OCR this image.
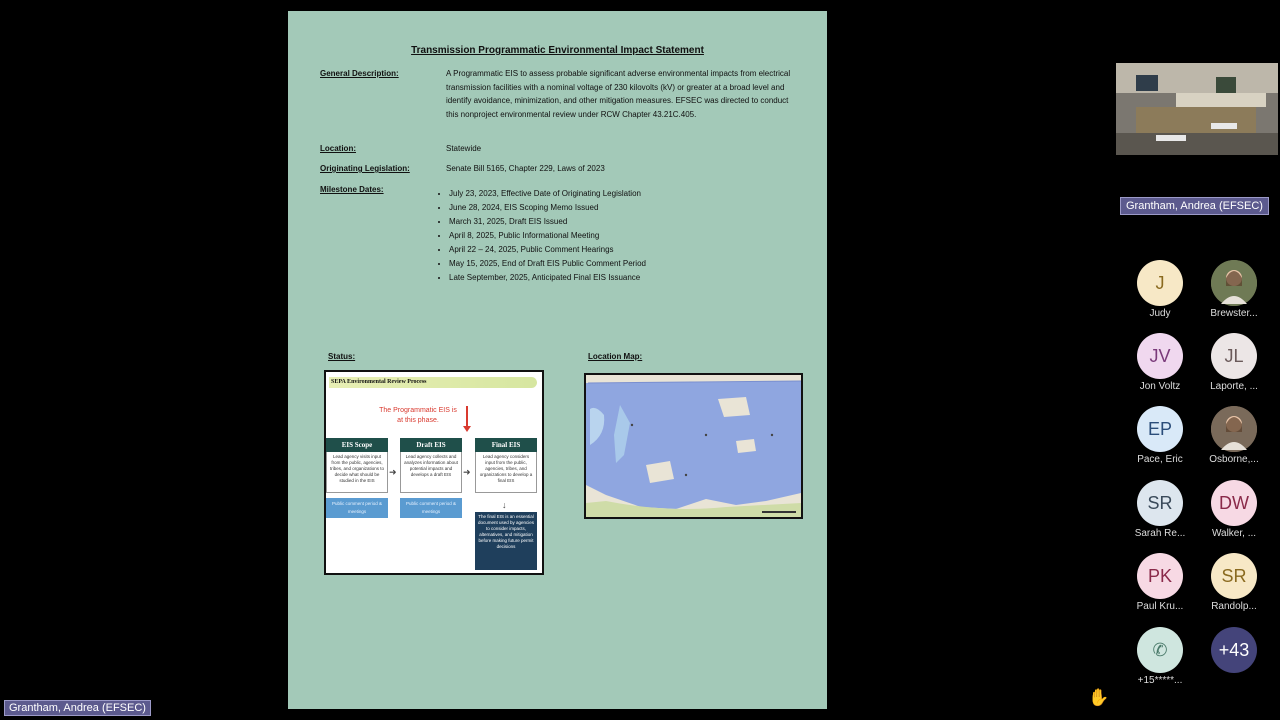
Transmission Programmatic Environmental Impact Statement
General Description:	A Programmatic EIS to assess probable significant adverse environmental impacts from electrical transmission facilities with a nominal voltage of 230 kilovolts (kV) or greater at a broad level and identify avoidance, minimization, and other mitigation measures. EFSEC was directed to conduct this nonproject environmental review under RCW Chapter 43.21C.405.
Location:	Statewide
Originating Legislation:	Senate Bill 5165, Chapter 229, Laws of 2023
Milestone Dates:
•	July 23, 2023, Effective Date of Originating Legislation
• June 28, 2024, EIS Scoping Memo Issued
• March 31, 2025, Draft EIS Issued
• April 8, 2025, Public Informational Meeting
• April 22 – 24, 2025, Public Comment Hearings
• May 15, 2025, End of Draft EIS Public Comment Period
• Late September, 2025, Anticipated Final EIS Issuance
Status:	Location Map:
SEPA Environmental Review Process
The Programmatic EIS is at this phase.
EIS Scope
Lead agency visits input from the public, agencies, tribes, and organizations to decide what should be studied in the EIS
Public comment period & meetings
➜
Draft EIS
Lead agency collects and analyzes information about potential impacts and develops a draft EIS
Public comment period & meetings
➜
Final EIS
Lead agency considers input from the public, agencies, tribes, and organizations to develop a final EIS
↓
The final EIS is an essential document used by agencies to consider impacts, alternatives, and mitigation before making future permit decisions
Grantham, Andrea (EFSEC)
J
Judy	Brewster...
JV
Jon Voltz
JL
Laporte, ...
EP
Pace, Eric	Osborne,...
SR
Sarah Re...
DW
Walker, ...
PK
Paul Kru...
SR
Randolp...
✆
+15*****...
+43
Grantham, Andrea (EFSEC)
✋
